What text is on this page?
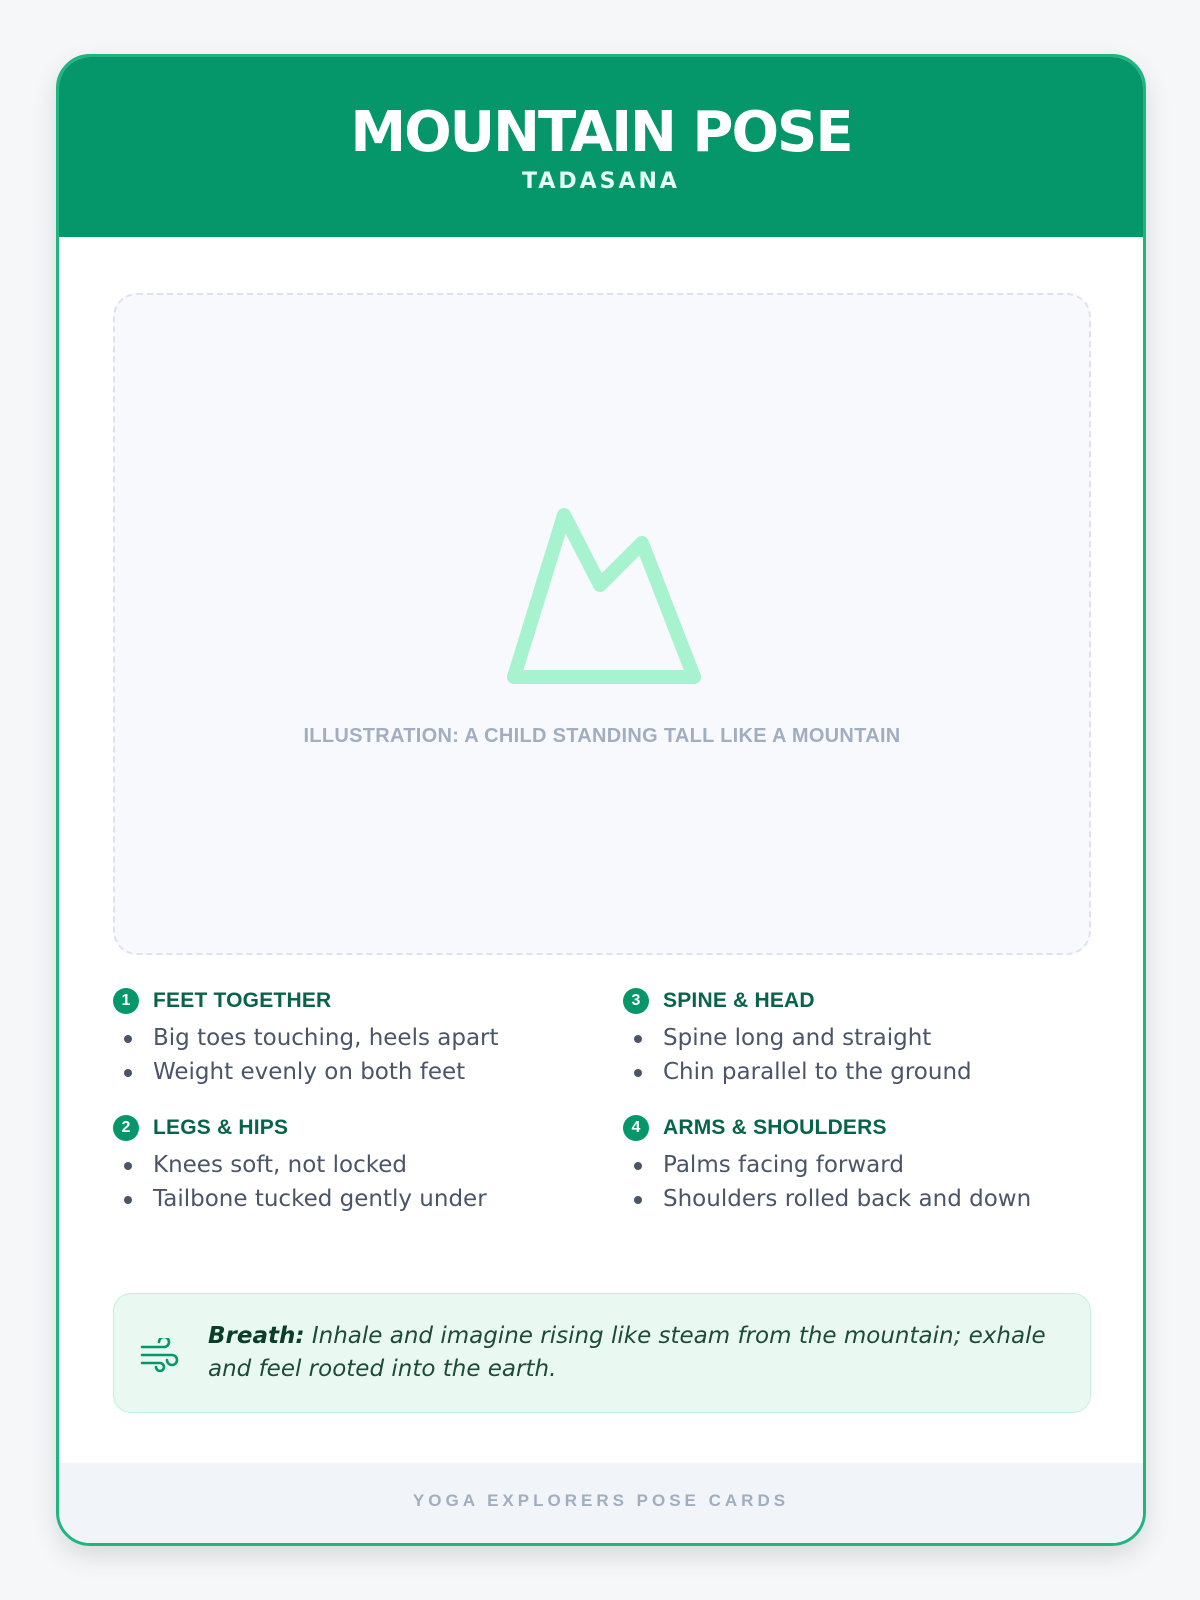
MOUNTAIN POSE
TADASANA
ILLUSTRATION: A CHILD STANDING TALL LIKE A MOUNTAIN
1	FEET TOGETHER
Big toes touching, heels apart
Weight evenly on both feet
2	LEGS & HIPS
Knees soft, not locked
Tailbone tucked gently under
3	SPINE & HEAD
Spine long and straight
Chin parallel to the ground
4	ARMS & SHOULDERS
Palms facing forward
Shoulders rolled back and down
Breath: Inhale and imagine rising like steam from the mountain; exhale and feel rooted into the earth.
YOGA EXPLORERS POSE CARDS
